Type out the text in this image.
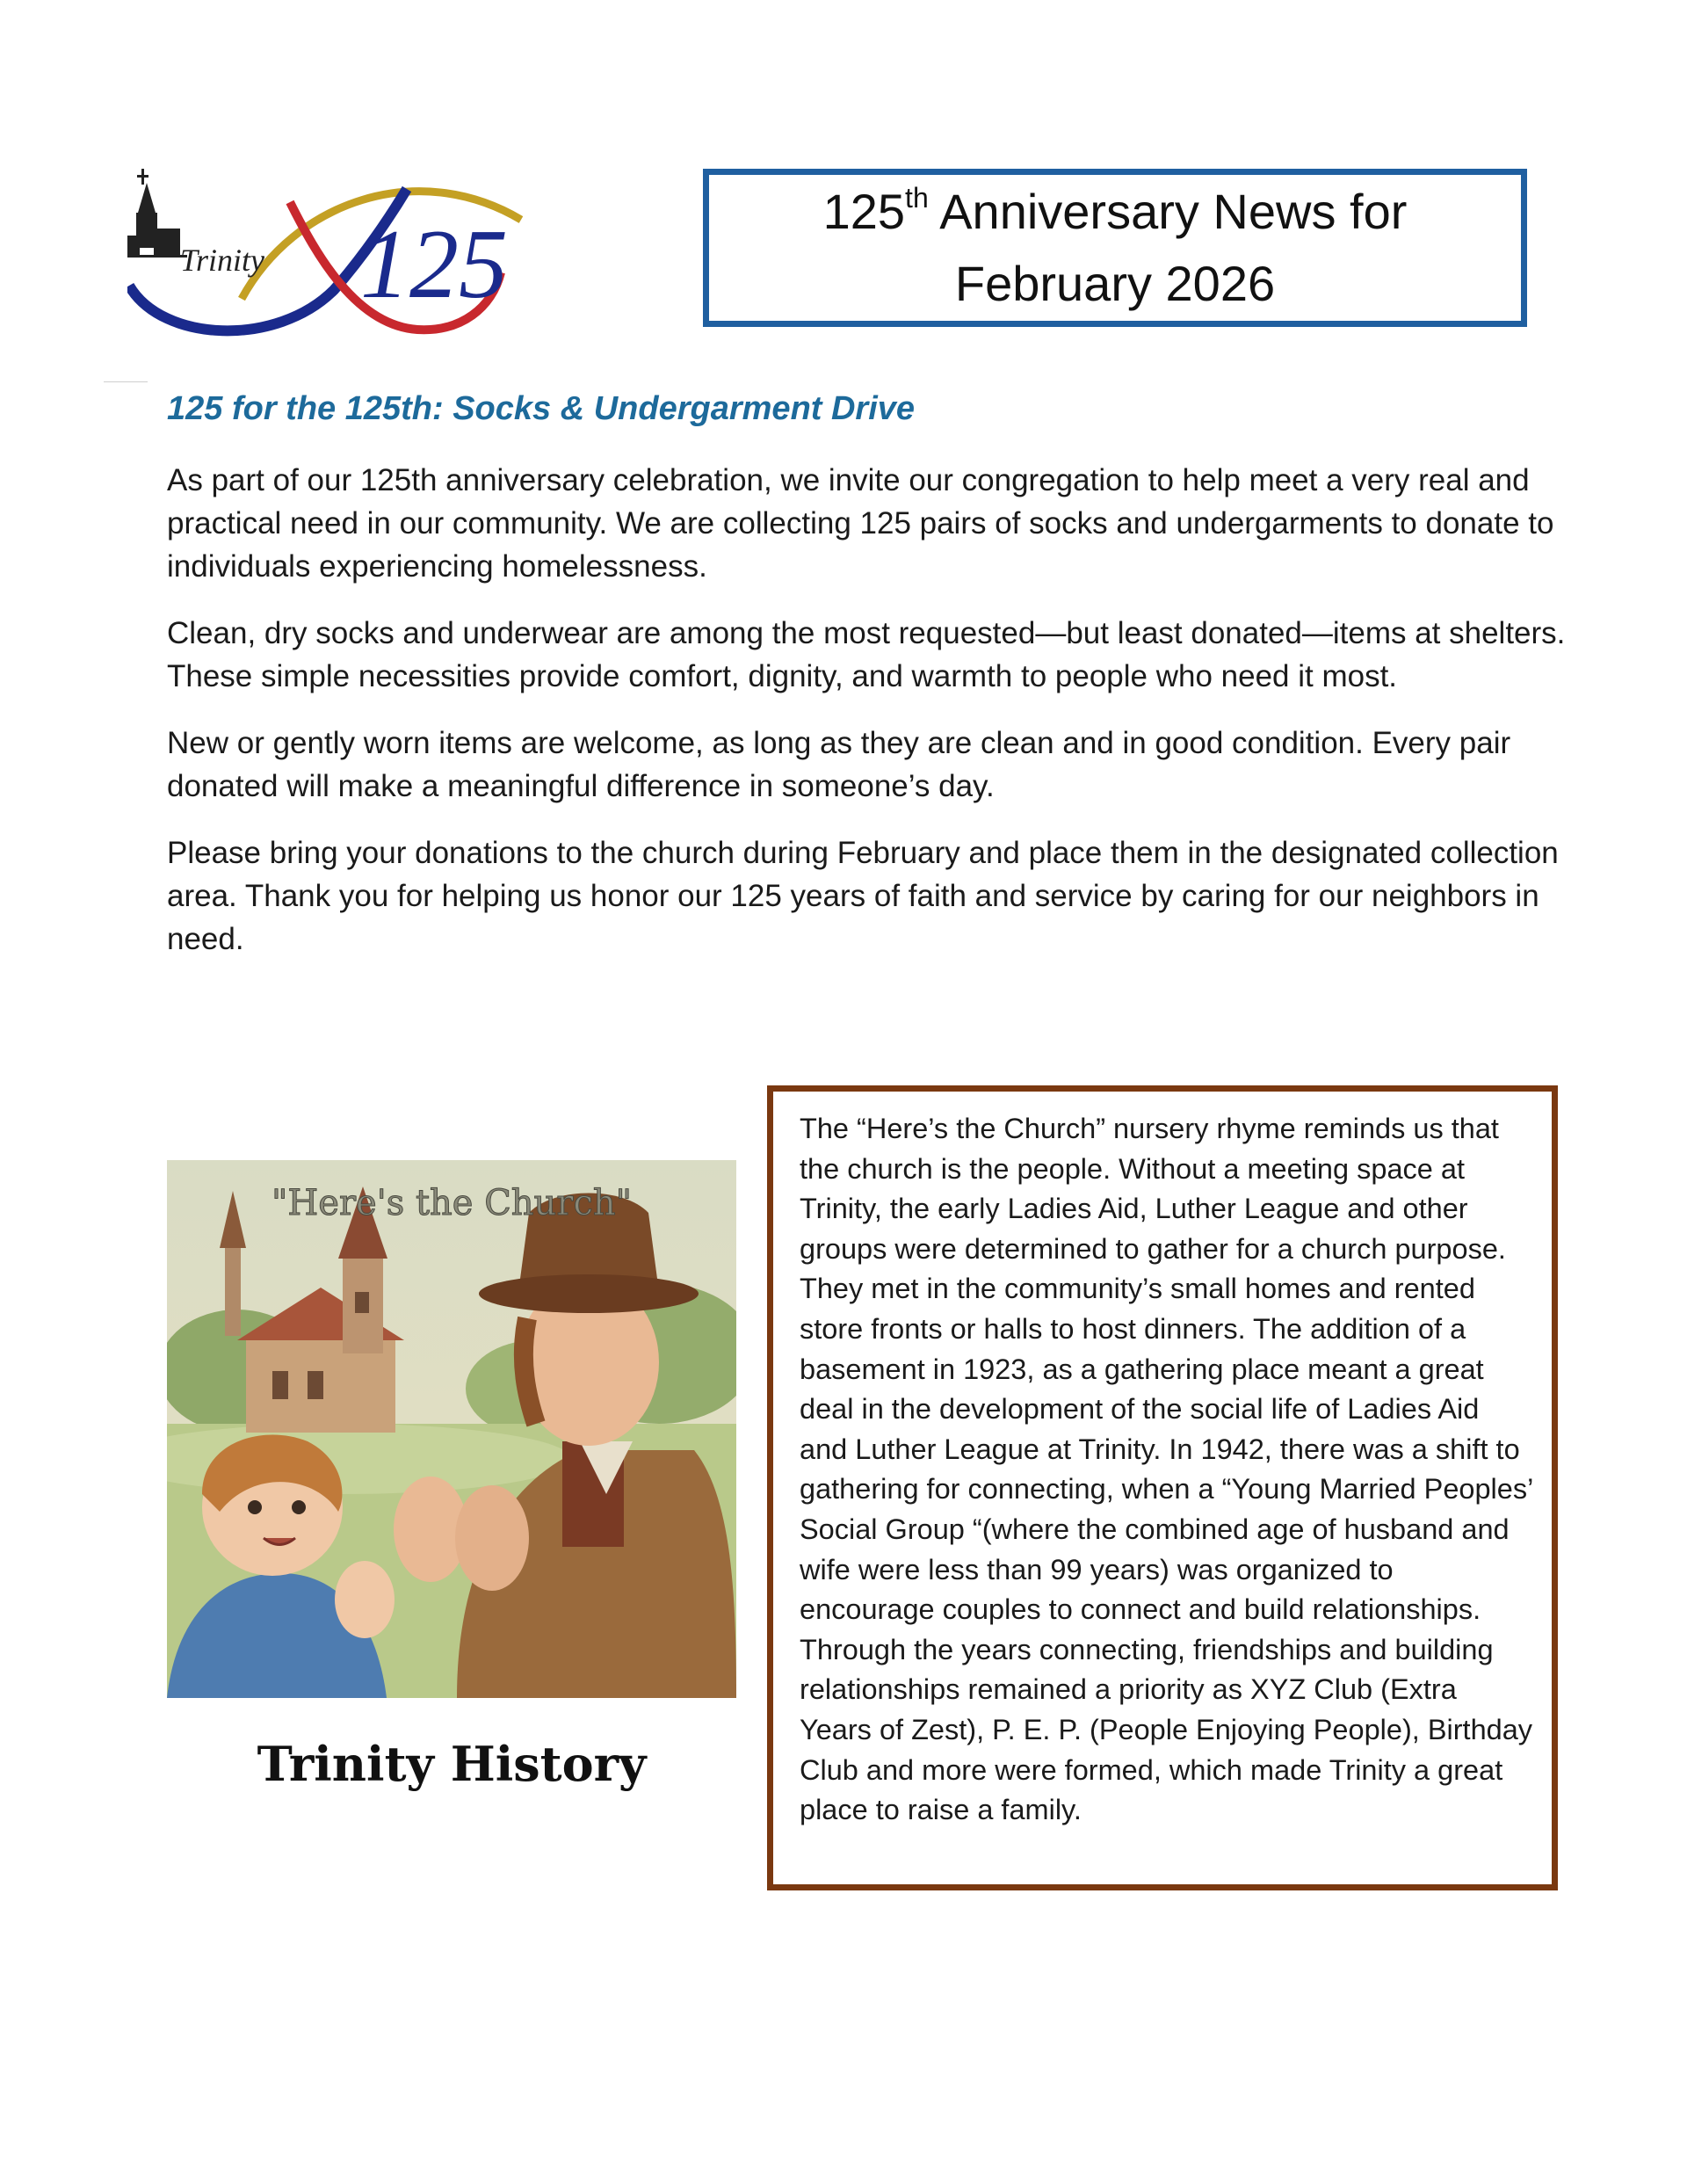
Trinity 125	125th Anniversary News for
February 2026
125 for the 125th: Socks & Undergarment Drive

As part of our 125th anniversary celebration, we invite our congregation to help meet a very real and practical need in our community. We are collecting 125 pairs of socks and undergarments to donate to individuals experiencing homelessness.

Clean, dry socks and underwear are among the most requested—but least donated—items at shelters. These simple necessities provide comfort, dignity, and warmth to people who need it most.

New or gently worn items are welcome, as long as they are clean and in good condition. Every pair donated will make a meaningful difference in someone’s day.

Please bring your donations to the church during February and place them in the designated collection area. Thank you for helping us honor our 125 years of faith and service by caring for our neighbors in need.

"Here's the Church"
Trinity History

The “Here’s the Church” nursery rhyme reminds us that the church is the people. Without a meeting space at Trinity, the early Ladies Aid, Luther League and other groups were determined to gather for a church purpose. They met in the community’s small homes and rented store fronts or halls to host dinners. The addition of a basement in 1923, as a gathering place meant a great deal in the development of the social life of Ladies Aid and Luther League at Trinity. In 1942, there was a shift to gathering for connecting, when a “Young Married Peoples’ Social Group “(where the combined age of husband and wife were less than 99 years) was organized to encourage couples to connect and build relationships. Through the years connecting, friendships and building relationships remained a priority as XYZ Club (Extra Years of Zest), P. E. P. (People Enjoying People), Birthday Club and more were formed, which made Trinity a great place to raise a family.
